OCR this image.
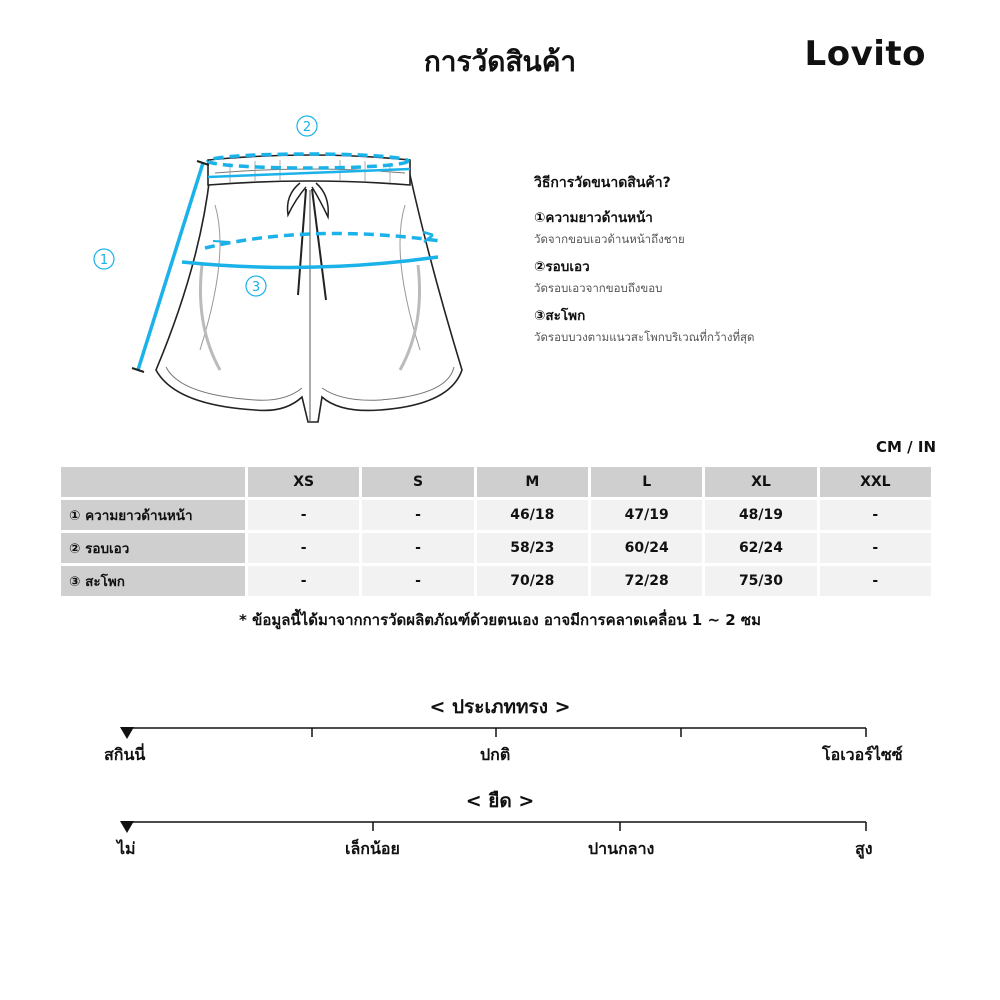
การวัดสินค้า	Lovito
1
2
3
วิธีการวัดขนาดสินค้า?
①ความยาวด้านหน้า
วัดจากขอบเอวด้านหน้าถึงชาย
②รอบเอว
วัดรอบเอวจากขอบถึงขอบ
③สะโพก
วัดรอบบวงตามแนวสะโพกบริเวณที่กว้างที่สุด
CM / IN
	XS	S	M	L	XL	XXL
① ความยาวด้านหน้า	-	-	46/18	47/19	48/19	-
② รอบเอว	-	-	58/23	60/24	62/24	-
③ สะโพก	-	-	70/28	72/28	75/30	-
* ข้อมูลนี้ได้มาจากการวัดผลิตภัณฑ์ด้วยตนเอง อาจมีการคลาดเคลื่อน 1 ~ 2 ซม
< ประเภททรง >
สกินนี่	ปกติ	โอเวอร์ไซซ์
< ยืด >
ไม่	เล็กน้อย	ปานกลาง	สูง
